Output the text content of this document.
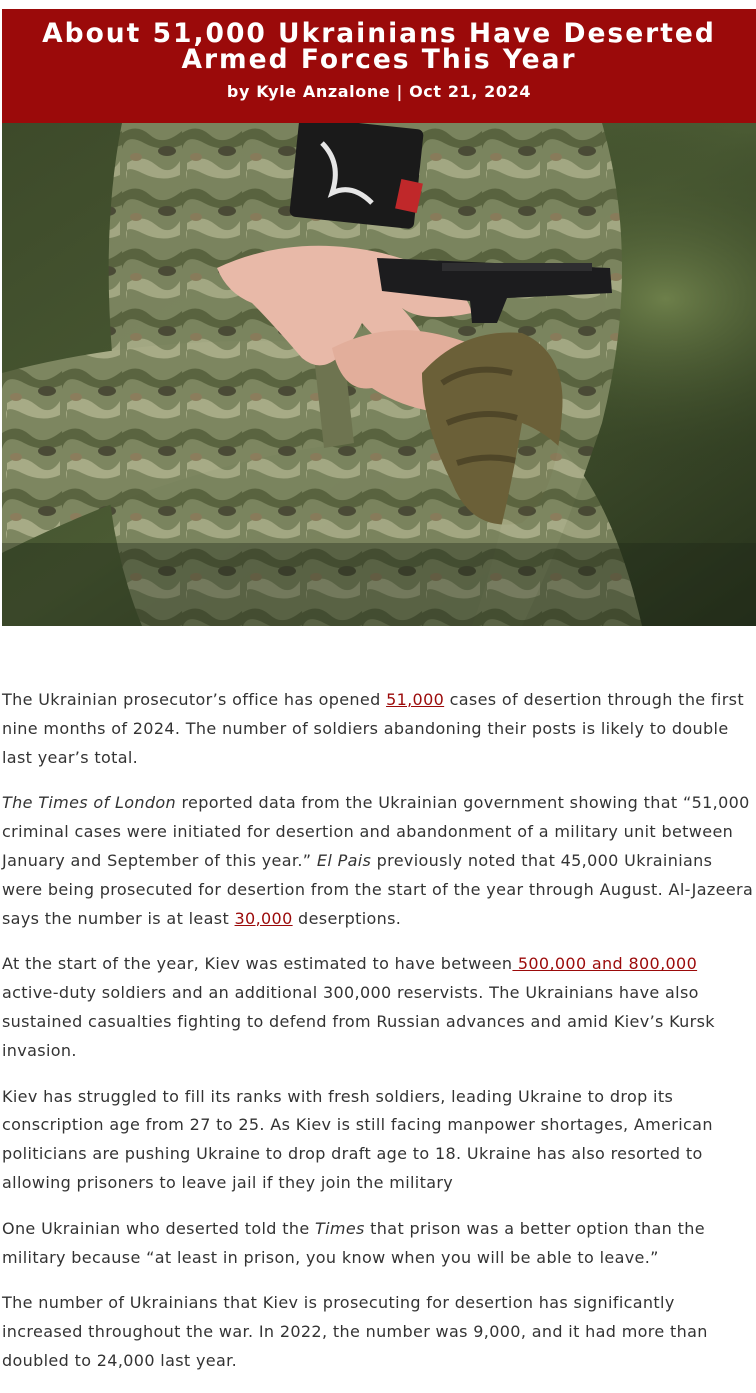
About 51,000 Ukrainians Have Deserted Armed Forces This Year
by Kyle Anzalone | Oct 21, 2024

The Ukrainian prosecutor’s office has opened 51,000 cases of desertion through the first nine months of 2024. The number of soldiers abandoning their posts is likely to double last year’s total.

The Times of London reported data from the Ukrainian government showing that “51,000 criminal cases were initiated for desertion and abandonment of a military unit between January and September of this year.” El Pais previously noted that 45,000 Ukrainians were being prosecuted for desertion from the start of the year through August. Al-Jazeera says the number is at least 30,000 deserptions.

At the start of the year, Kiev was estimated to have between 500,000 and 800,000 active-duty soldiers and an additional 300,000 reservists. The Ukrainians have also sustained casualties fighting to defend from Russian advances and amid Kiev’s Kursk invasion.

Kiev has struggled to fill its ranks with fresh soldiers, leading Ukraine to drop its conscription age from 27 to 25. As Kiev is still facing manpower shortages, American politicians are pushing Ukraine to drop draft age to 18. Ukraine has also resorted to allowing prisoners to leave jail if they join the military

One Ukrainian who deserted told the Times that prison was a better option than the military because “at least in prison, you know when you will be able to leave.”

The number of Ukrainians that Kiev is prosecuting for desertion has significantly increased throughout the war. In 2022, the number was 9,000, and it had more than doubled to 24,000 last year.
